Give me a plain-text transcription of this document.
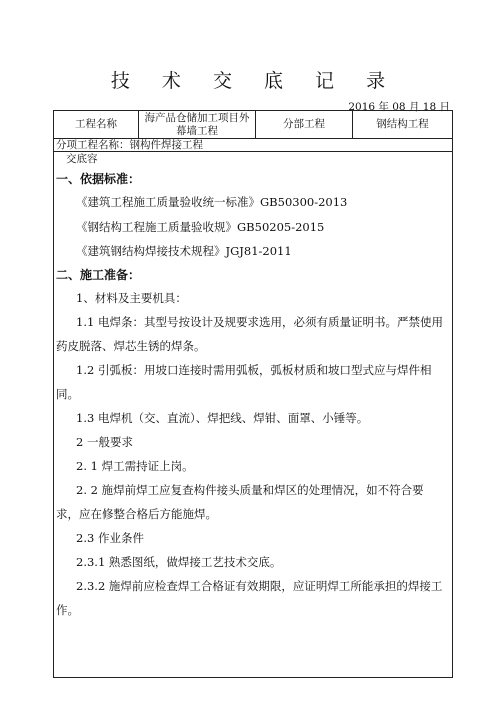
技 术 交 底 记 录
2016 年 08 月 18 日
工程名称	海产品仓储加工项目外幕墙工程	分部工程	钢结构工程
分项工程名称：钢构件焊接工程
交底容

一、依据标准：

《建筑工程施工质量验收统一标准》GB50300-2013

《钢结构工程施工质量验收规》GB50205-2015

《建筑钢结构焊接技术规程》JGJ81-2011

二、施工准备：

1、材料及主要机具：

1.1 电焊条：其型号按设计及规要求选用，必须有质量证明书。严禁使用药皮脱落、焊芯生锈的焊条。

1.2 引弧板：用坡口连接时需用弧板，弧板材质和坡口型式应与焊件相同。

1.3 电焊机（交、直流）、焊把线、焊钳、面罩、小锤等。

2 一般要求

2. 1 焊工需持证上岗。

2. 2 施焊前焊工应复查构件接头质量和焊区的处理情况，如不符合要求，应在修整合格后方能施焊。

2.3 作业条件

2.3.1 熟悉图纸，做焊接工艺技术交底。

2.3.2 施焊前应检查焊工合格证有效期限，应证明焊工所能承担的焊接工作。
